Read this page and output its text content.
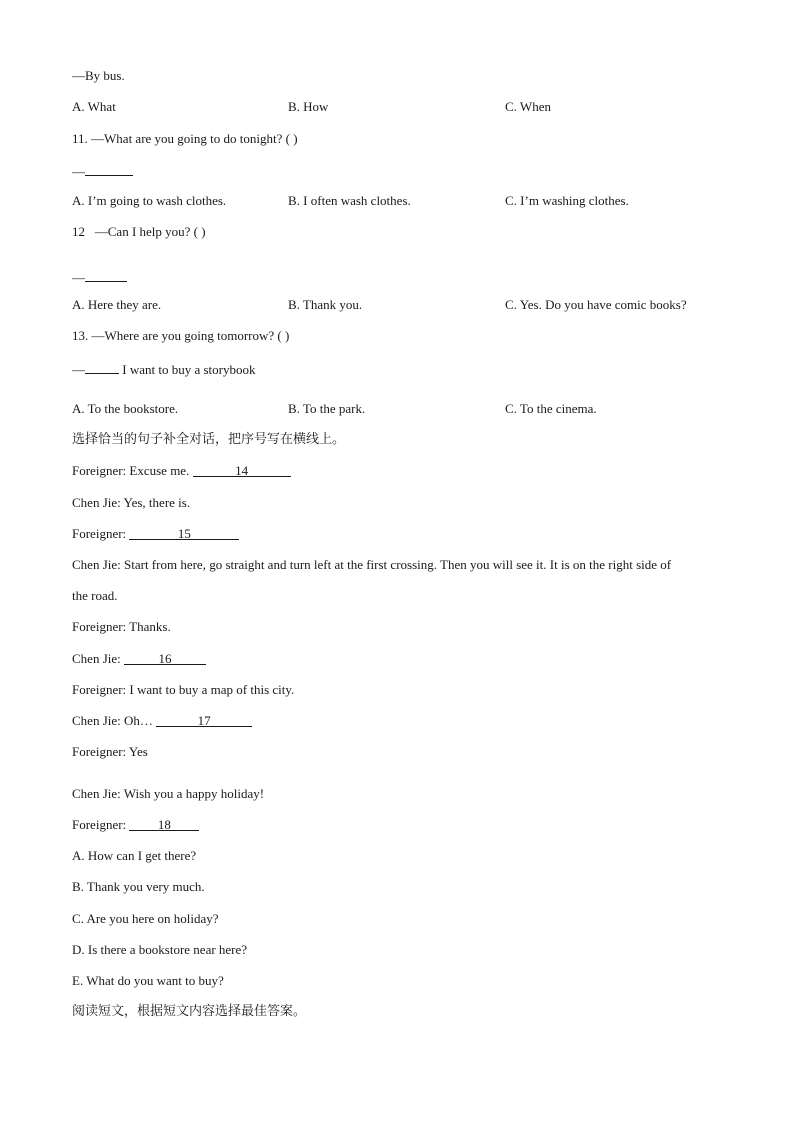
—By bus.
A. What	B. How	C. When
11. —What are you going to do tonight? ( )
—
A. I’m going to wash clothes.	B. I often wash clothes.	C. I’m washing clothes.
12 —Can I help you? ( )
—
A. Here they are.	B. Thank you.	C. Yes. Do you have comic books?
13. —Where are you going tomorrow? ( )
—	I want to buy a storybook
A. To the bookstore.	B. To the park.	C. To the cinema.
选择恰当的句子补全对话，把序号写在横线上。
Foreigner: Excuse me.	14
Chen Jie: Yes, there is.
Foreigner:	15
Chen Jie: Start from here, go straight and turn left at the first crossing. Then you will see it. It is on the right side of
the road.
Foreigner: Thanks.
Chen Jie:	16
Foreigner: I want to buy a map of this city.
Chen Jie: Oh…	17
Foreigner: Yes
Chen Jie: Wish you a happy holiday!
Foreigner: 18
A. How can I get there?
B. Thank you very much.
C. Are you here on holiday?
D. Is there a bookstore near here?
E. What do you want to buy?
阅读短文，根据短文内容选择最佳答案。
